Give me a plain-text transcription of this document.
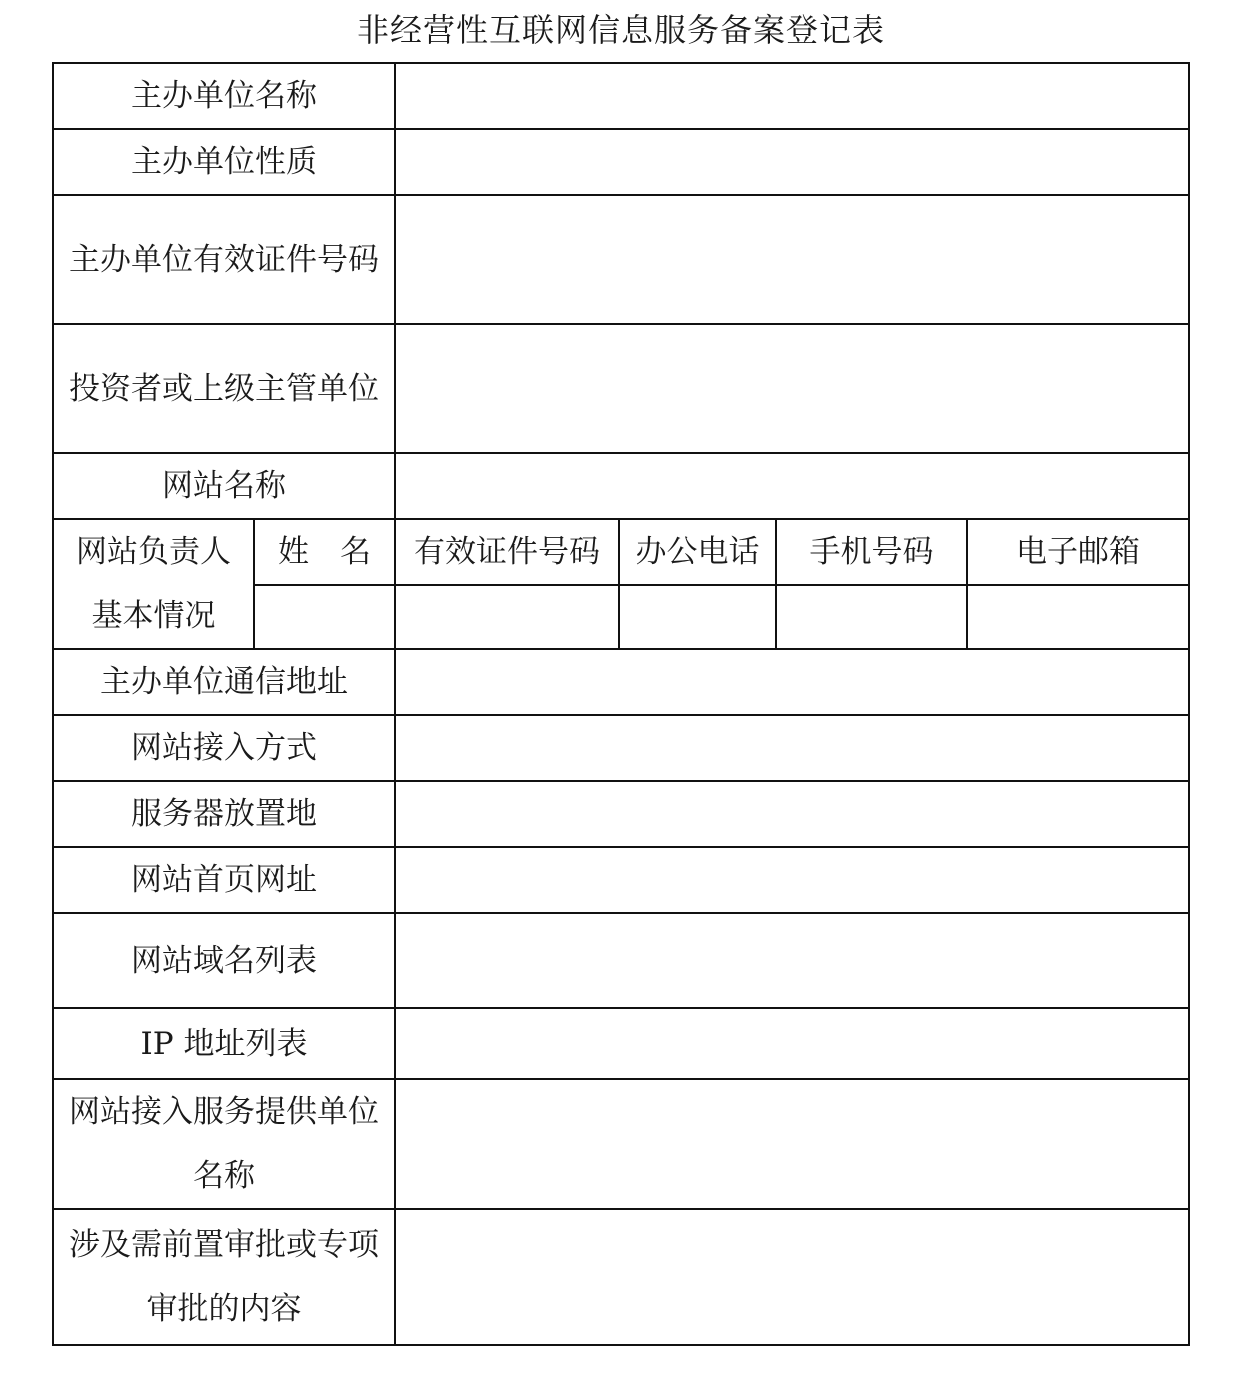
非经营性互联网信息服务备案登记表
主办单位名称					
主办单位性质					
主办单位有效证件号码					
投资者或上级主管单位					
网站名称					
网站负责人基本情况	姓　名	有效证件号码	办公电话	手机号码	电子邮箱

主办单位通信地址					
网站接入方式					
服务器放置地					
网站首页网址					
网站域名列表					
IP 地址列表					
网站接入服务提供单位名称					
涉及需前置审批或专项审批的内容					
